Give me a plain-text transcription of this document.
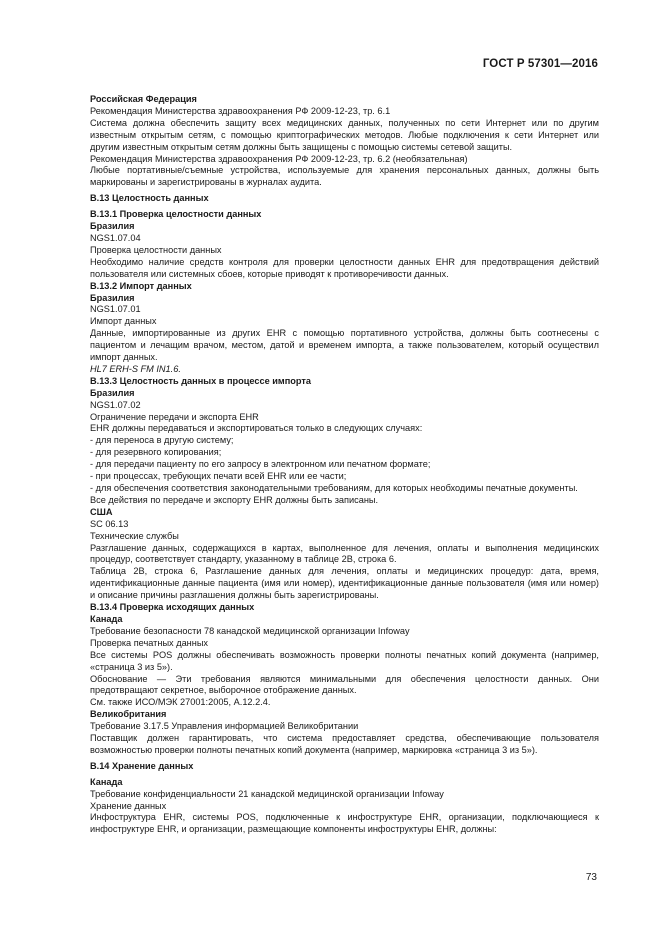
ГОСТ Р 57301—2016

Российская Федерация

Рекомендация Министерства здравоохранения РФ 2009-12-23, тр. 6.1

Система должна обеспечить защиту всех медицинских данных, полученных по сети Интернет или по другим известным открытым сетям, с помощью криптографических методов. Любые подключения к сети Интернет или другим известным открытым сетям должны быть защищены с помощью системы сетевой защиты.

Рекомендация Министерства здравоохранения РФ 2009-12-23, тр. 6.2 (необязательная)

Любые портативные/съемные устройства, используемые для хранения персональных данных, должны быть маркированы и зарегистрированы в журналах аудита.

В.13 Целостность данных

В.13.1 Проверка целостности данных

Бразилия

NGS1.07.04

Проверка целостности данных

Необходимо наличие средств контроля для проверки целостности данных EHR для предотвращения действий пользователя или системных сбоев, которые приводят к противоречивости данных.

В.13.2 Импорт данных

Бразилия

NGS1.07.01

Импорт данных

Данные, импортированные из других EHR с помощью портативного устройства, должны быть соотнесены с пациентом и лечащим врачом, местом, датой и временем импорта, а также пользователем, который осуществил импорт данных.

HL7 ERH-S FM IN1.6.

В.13.3 Целостность данных в процессе импорта

Бразилия

NGS1.07.02

Ограничение передачи и экспорта EHR

EHR должны передаваться и экспортироваться только в следующих случаях:

- для переноса в другую систему;

- для резервного копирования;

- для передачи пациенту по его запросу в электронном или печатном формате;

- при процессах, требующих печати всей EHR или ее части;

- для обеспечения соответствия законодательными требованиям, для которых необходимы печатные документы.

Все действия по передаче и экспорту EHR должны быть записаны.

США

SC 06.13

Технические службы

Разглашение данных, содержащихся в картах, выполненное для лечения, оплаты и выполнения медицинских процедур, соответствует стандарту, указанному в таблице 2В, строка 6.

Таблица 2В, строка 6, Разглашение данных для лечения, оплаты и медицинских процедур: дата, время, идентификационные данные пациента (имя или номер), идентификационные данные пользователя (имя или номер) и описание причины разглашения должны быть зарегистрированы.

В.13.4 Проверка исходящих данных

Канада

Требование безопасности 78 канадской медицинской организации Infoway

Проверка печатных данных

Все системы POS должны обеспечивать возможность проверки полноты печатных копий документа (например, «страница 3 из 5»).

Обоснование — Эти требования являются минимальными для обеспечения целостности данных. Они предотвращают секретное, выборочное отображение данных.

См. также ИСО/МЭК 27001:2005, А.12.2.4.

Великобритания

Требование 3.17.5 Управления информацией Великобритании

Поставщик должен гарантировать, что система предоставляет средства, обеспечивающие пользователя возможностью проверки полноты печатных копий документа (например, маркировка «страница 3 из 5»).

В.14 Хранение данных

Канада

Требование конфиденциальности 21 канадской медицинской организации Infoway

Хранение данных

Инфоструктура EHR, системы POS, подключенные к инфоструктуре EHR, организации, подключающиеся к инфоструктуре EHR, и организации, размещающие компоненты инфоструктуры EHR, должны:

73
